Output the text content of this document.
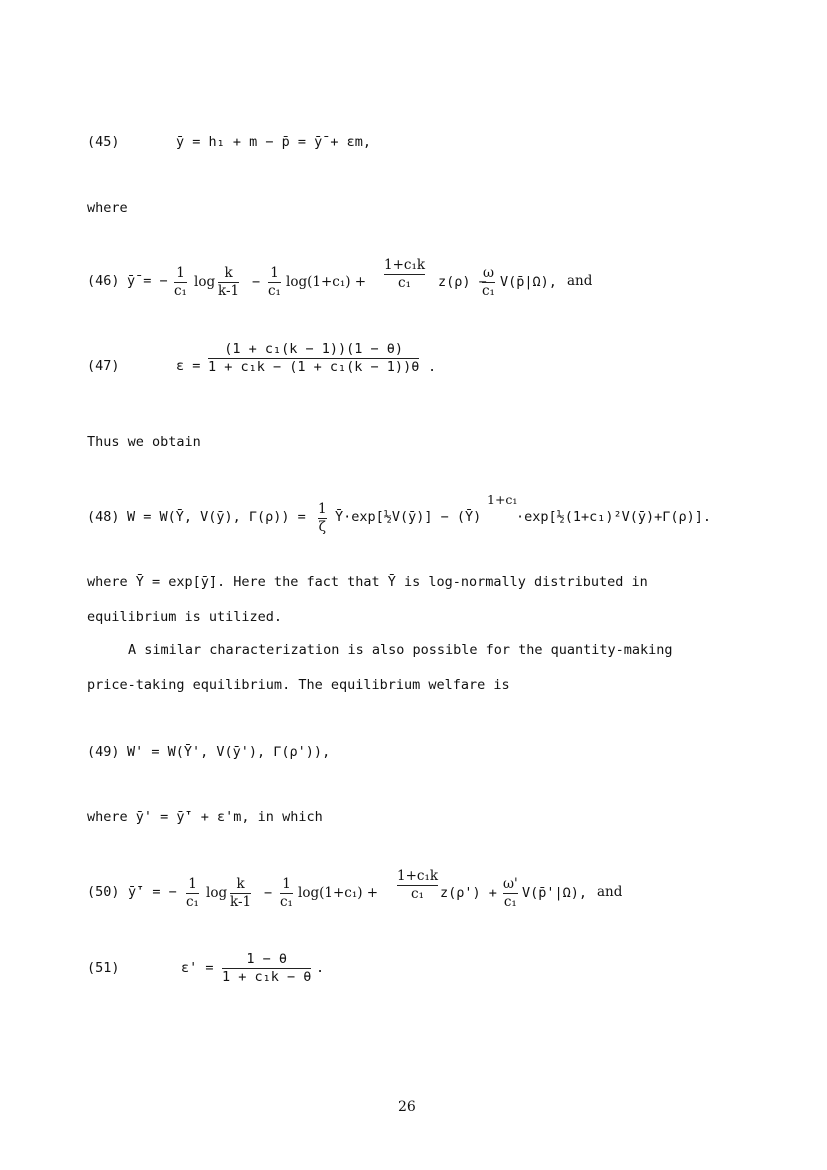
(45)	ȳ = h₁ + m − p̄ = ȳ̄ + εm,
where
(46) ȳ̄ = − 1
c₁
log
k
k-1
−
1
c₁
log(1+c₁) +
1+c₁k
c₁	z(ρ) −
ω
c₁
V(p̄|Ω), and
(47)	ε =
(1 + c₁(k − 1))(1 − θ)
1 + c₁k − (1 + c₁(k − 1))θ .
Thus we obtain
(48) W = W(Ȳ, V(ȳ), Γ(ρ)) = 1
ζ
Ȳ·exp[½V(ȳ)] − (Ȳ)
1+c₁
·exp[½(1+c₁)²V(ȳ)+Γ(ρ)].
where Ȳ = exp[ȳ̄]. Here the fact that Ȳ is log-normally distributed in
equilibrium is utilized.
A similar characterization is also possible for the quantity-making
price-taking equilibrium. The equilibrium welfare is
(49) W' = W(Ȳ', V(ȳ'), Γ(ρ')),
where ȳ' = ȳ̄' + ε'm, in which
(50) ȳ̄' = − 1
c₁
log
k
k-1
−
1
c₁
log(1+c₁) +
1+c₁k
c₁	z(ρ') +
ω'
c₁
V(p̄'|Ω), and
(51)	ε' =
1 − θ
1 + c₁k − θ
.
26
